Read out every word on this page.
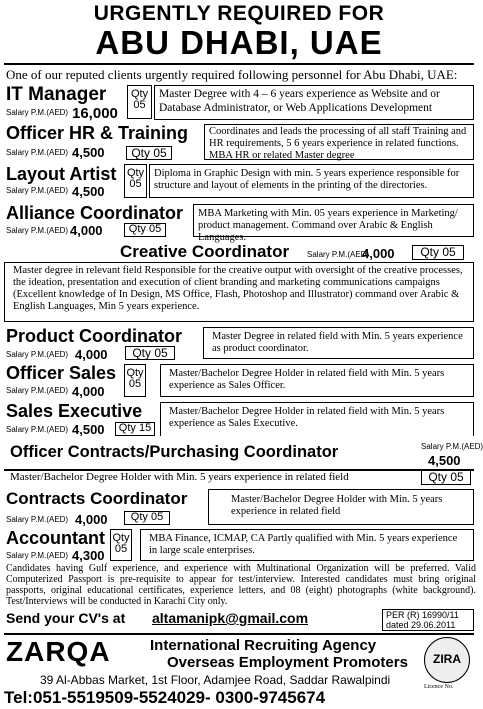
URGENTLY REQUIRED FOR
ABU DHABI, UAE
One of our reputed clients urgently required following personnel for Abu Dhabi, UAE:
IT Manager
Salary P.M.(AED) 16,000
Qty
05
Master Degree with 4 – 6 years experience as Website and or Database Administrator, or Web Applications Development
Officer HR & Training
Salary P.M.(AED) 4,500	Qty 05
Coordinates and leads the processing of all staff Training and HR requirements, 5 6 years experience in related functions. MBA HR or related Master degree
Layout Artist
Salary P.M.(AED) 4,500
Qty
05
Diploma in Graphic Design with min. 5 years experience responsible for structure and layout of elements in the printing of the directories.
Alliance Coordinator
Salary P.M.(AED) 4,000	Qty 05
MBA Marketing with Min. 05 years experience in Marketing/ product management. Command over Arabic & English Languages.
Creative Coordinator Salary P.M.(AED)
4,000	Qty 05
Master degree in relevant field Responsible for the creative output with oversight of the creative processes, the ideation, presentation and execution of client branding and marketing communications campaigns (Excellent knowledge of In Design, MS Office, Flash, Photoshop and Illustrator) command over Arabic & English Languages, Min 5 years experience.
Product Coordinator
Salary P.M.(AED) 4,000	Qty 05
Master Degree in related field with Min. 5 years experience as product coordinator.
Officer Sales
Salary P.M.(AED) 4,000
Qty
05
Master/Bachelor Degree Holder in related field with Min. 5 years experience as Sales Officer.
Sales Executive
Salary P.M.(AED) 4,500	Qty 15
Master/Bachelor Degree Holder in related field with Min. 5 years experience as Sales Executive.
Officer Contracts/Purchasing Coordinator	Salary P.M.(AED)
4,500
Master/Bachelor Degree Holder with Min. 5 years experience in related field	Qty 05
Contracts Coordinator
Salary P.M.(AED) 4,000	Qty 05
Master/Bachelor Degree Holder with Min. 5 years experience in related field
Accountant
Salary P.M.(AED) 4,300
Qty
05
MBA Finance, ICMAP, CA Partly qualified with Min. 5 years experience in large scale enterprises.
Candidates having Gulf experience, and experience with Multinational Organization will be preferred. Valid Computerized Passport is pre-requisite to appear for test/interview. Interested candidates must bring original passports, original educational certificates, experience letters, and 08 (eight) photographs (white background). Test/Interviews will be conducted in Karachi City only.
Send your CV's at altamanipk@gmail.com	PER (R) 16990/11
dated 29.06.2011
ZARQA	International Recruiting Agency
Overseas Employment Promoters	ZIRA
Licence No.
39 Al-Abbas Market, 1st Floor, Adamjee Road, Saddar Rawalpindi
Tel:051-5519509-5524029- 0300-9745674
